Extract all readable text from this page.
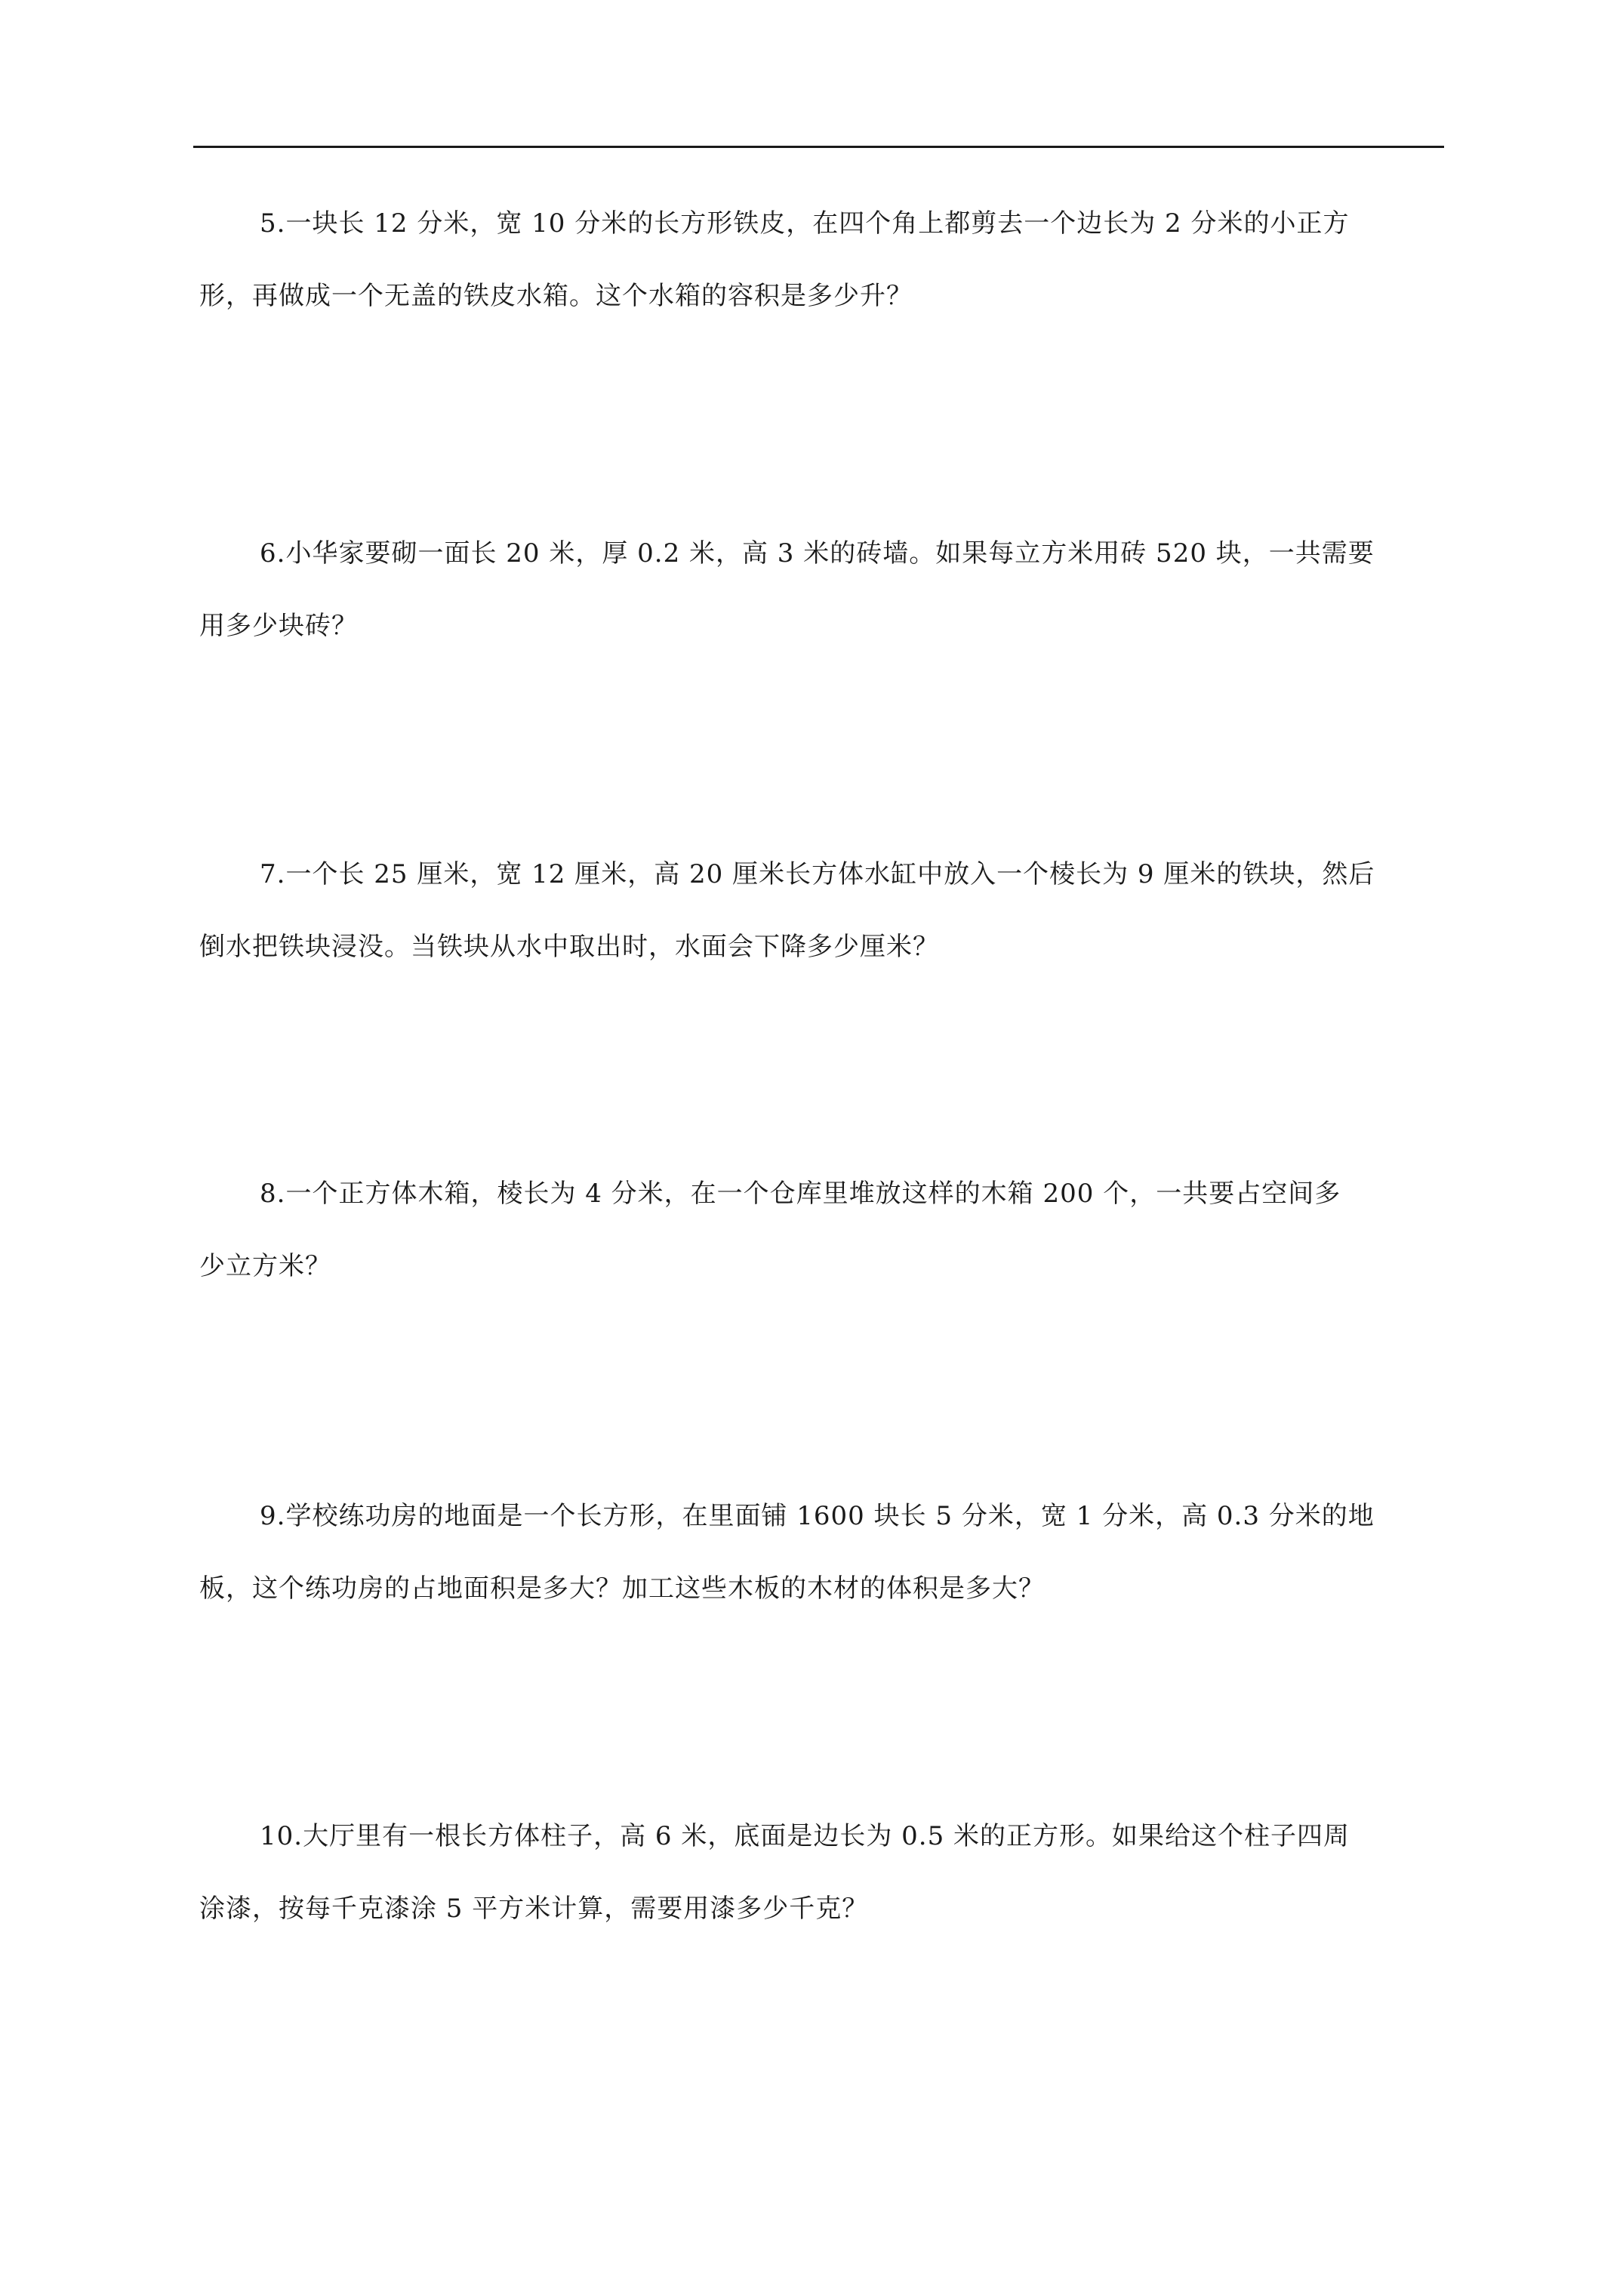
5.一块长 12 分米，宽 10 分米的长方形铁皮，在四个角上都剪去一个边长为 2 分米的小正方
形，再做成一个无盖的铁皮水箱。这个水箱的容积是多少升？
6.小华家要砌一面长 20 米，厚 0.2 米，高 3 米的砖墙。如果每立方米用砖 520 块，一共需要
用多少块砖？
7.一个长 25 厘米，宽 12 厘米，高 20 厘米长方体水缸中放入一个棱长为 9 厘米的铁块，然后
倒水把铁块浸没。当铁块从水中取出时，水面会下降多少厘米？
8.一个正方体木箱，棱长为 4 分米，在一个仓库里堆放这样的木箱 200 个，一共要占空间多
少立方米？
9.学校练功房的地面是一个长方形，在里面铺 1600 块长 5 分米，宽 1 分米，高 0.3 分米的地
板，这个练功房的占地面积是多大？加工这些木板的木材的体积是多大？
10.大厅里有一根长方体柱子，高 6 米，底面是边长为 0.5 米的正方形。如果给这个柱子四周
涂漆，按每千克漆涂 5 平方米计算，需要用漆多少千克？
